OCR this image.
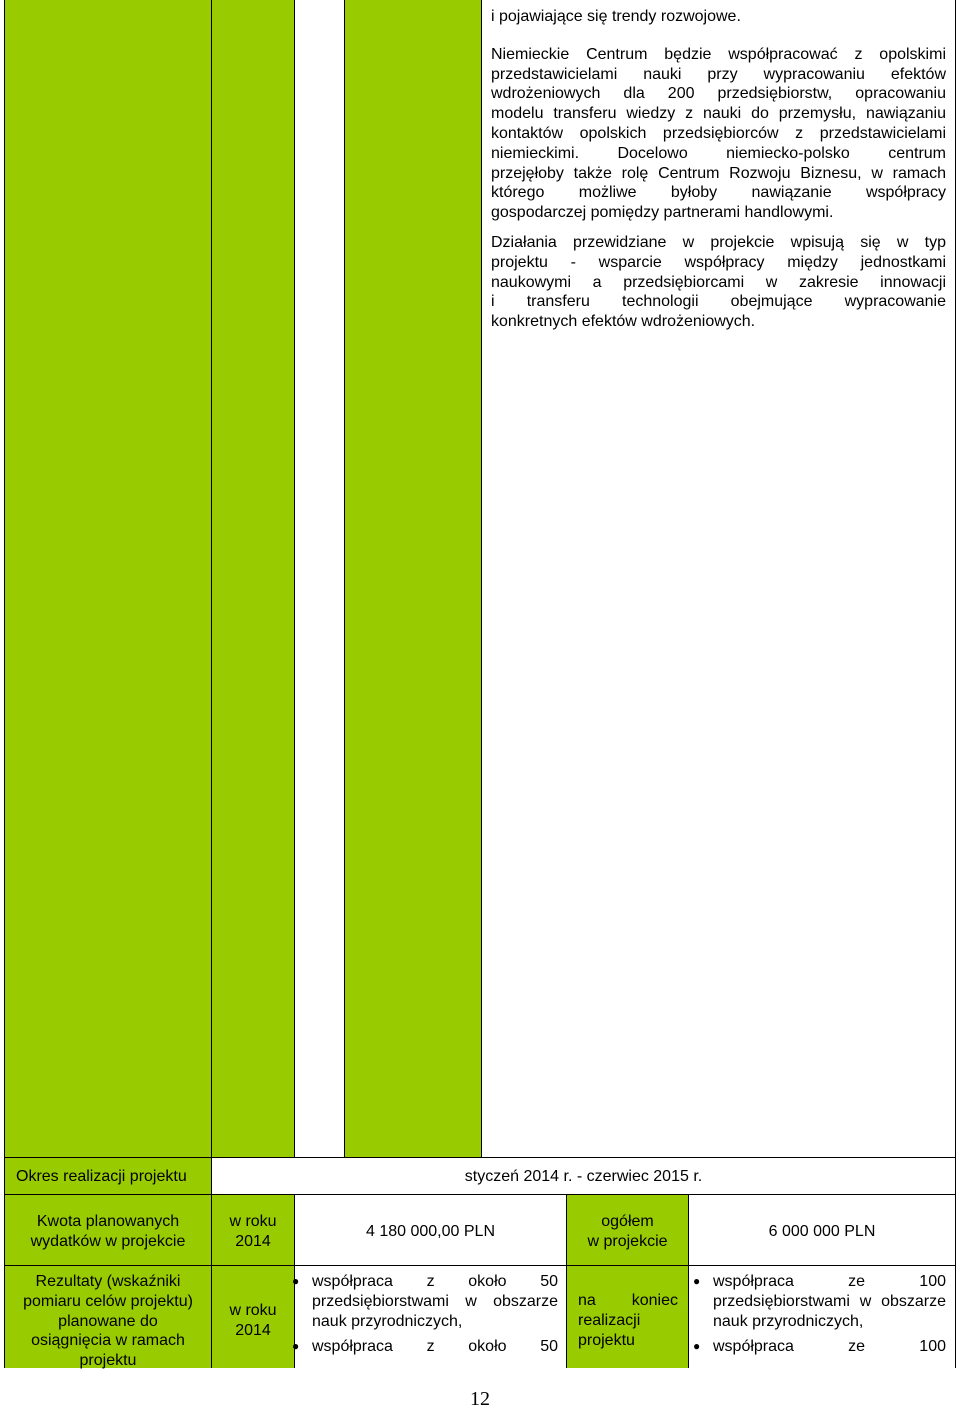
i pojawiające się trendy rozwojowe.
Niemieckie Centrum będzie współpracować z opolskimi
przedstawicielami nauki przy wypracowaniu efektów
wdrożeniowych dla 200 przedsiębiorstw, opracowaniu
modelu transferu wiedzy z nauki do przemysłu, nawiązaniu
kontaktów opolskich przedsiębiorców z przedstawicielami
niemieckimi. Docelowo niemiecko-polsko centrum
przejęłoby także rolę Centrum Rozwoju Biznesu, w ramach
którego możliwe byłoby nawiązanie współpracy
gospodarczej pomiędzy partnerami handlowymi.
Działania przewidziane w projekcie wpisują się w typ
projektu - wsparcie współpracy między jednostkami
naukowymi a przedsiębiorcami w zakresie innowacji
i transferu technologii obejmujące wypracowanie
konkretnych efektów wdrożeniowych.
Okres realizacji projektu	styczeń 2014 r. - czerwiec 2015 r.
Kwota planowanych
wydatków w projekcie
w roku
2014
4 180 000,00 PLN
ogółem
w projekcie
6 000 000 PLN
Rezultaty (wskaźniki
pomiaru celów projektu)
planowane do
osiągnięcia w ramach
projektu
w roku
2014
● współpraca z około 50
przedsiębiorstwami w obszarze
nauk przyrodniczych,
● współpraca z około 50
na koniec
realizacji
projektu
● współpraca ze 100
przedsiębiorstwami w obszarze
nauk przyrodniczych,
● współpraca ze 100
12
